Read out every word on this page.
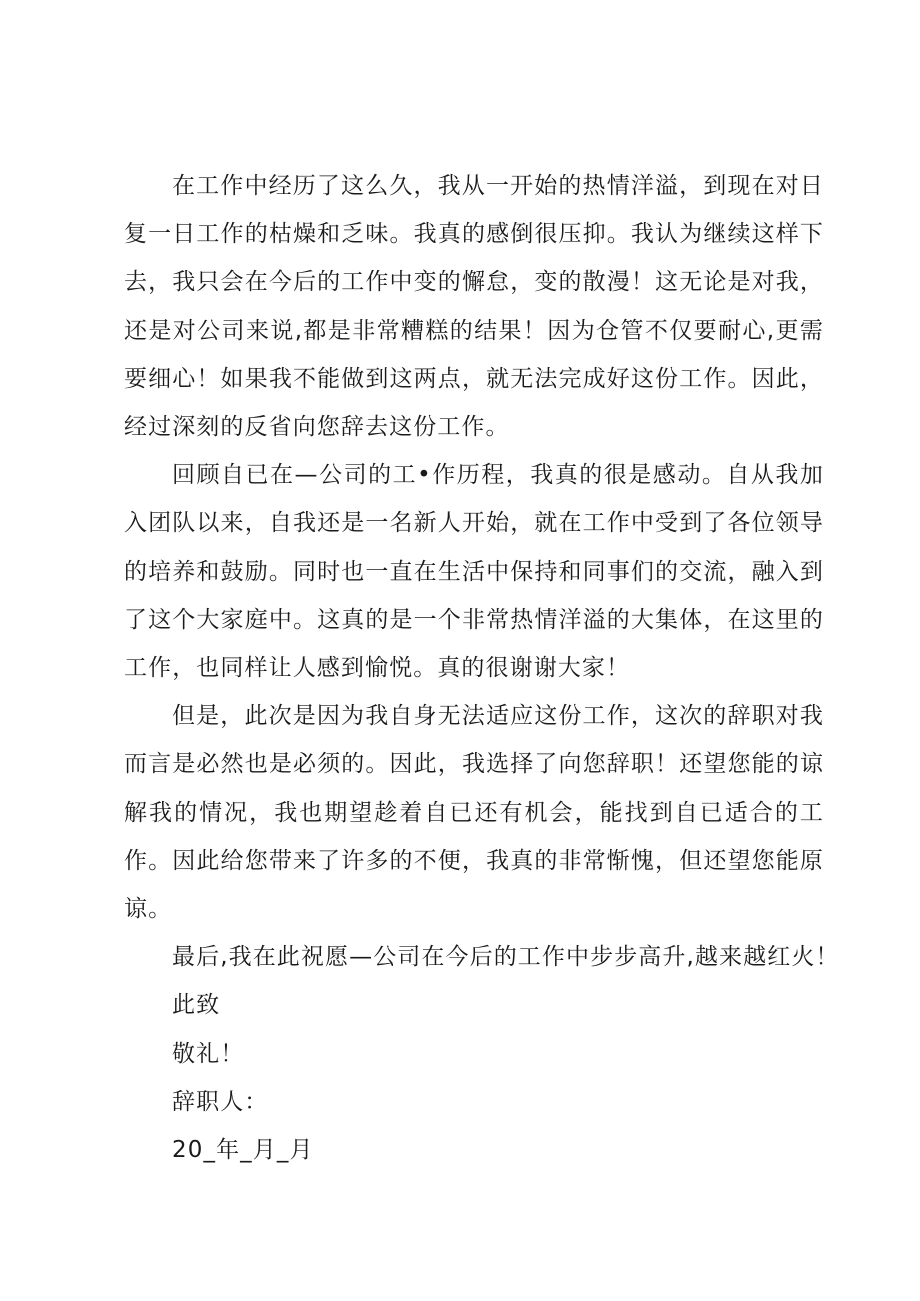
在工作中经历了这么久，我从一开始的热情洋溢，到现在对日复一日工作的枯燥和乏味。我真的感倒很压抑。我认为继续这样下去，我只会在今后的工作中变的懈怠，变的散漫！这无论是对我，还是对公司来说,都是非常糟糕的结果！因为仓管不仅要耐心,更需要细心！如果我不能做到这两点，就无法完成好这份工作。因此，经过深刻的反省向您辞去这份工作。

回顾自已在—公司的工•作历程，我真的很是感动。自从我加入团队以来，自我还是一名新人开始，就在工作中受到了各位领导的培养和鼓励。同时也一直在生活中保持和同事们的交流，融入到了这个大家庭中。这真的是一个非常热情洋溢的大集体，在这里的工作，也同样让人感到愉悦。真的很谢谢大家！

但是，此次是因为我自身无法适应这份工作，这次的辞职对我而言是必然也是必须的。因此，我选择了向您辞职！还望您能的谅解我的情况，我也期望趁着自已还有机会，能找到自已适合的工作。因此给您带来了许多的不便，我真的非常惭愧，但还望您能原谅。

最后,我在此祝愿—公司在今后的工作中步步高升,越来越红火！

此致

敬礼！

辞职人：

20_年_月_月
